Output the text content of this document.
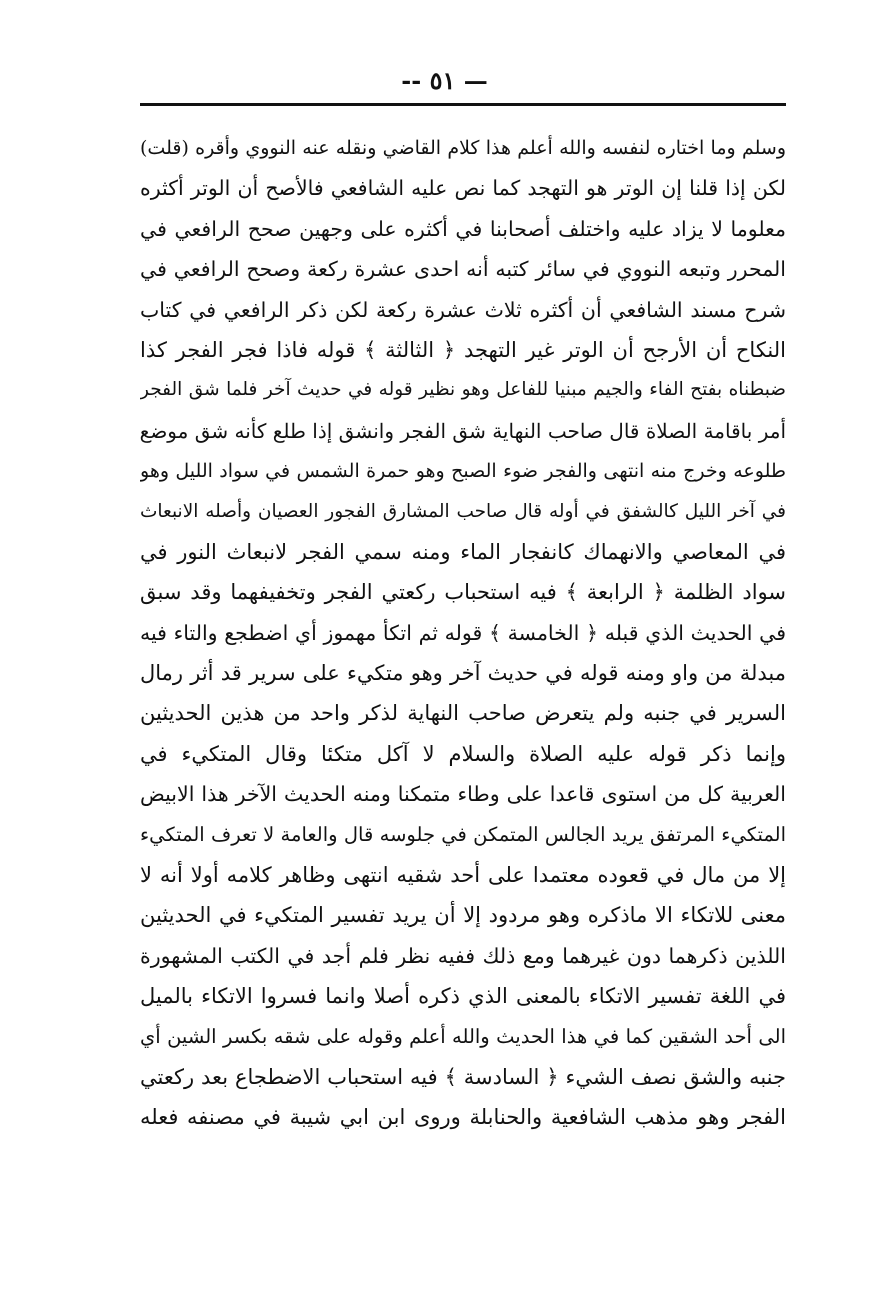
— ٥١ --
وسلم وما اختاره لنفسه والله أعلم هذا كلام القاضي ونقله عنه النووي وأقره (قلت)
لكن إذا قلنا إن الوتر هو التهجد كما نص عليه الشافعي فالأصح أن الوتر أكثره
معلوما لا يزاد عليه واختلف أصحابنا في أكثره على وجهين صحح الرافعي في
المحرر وتبعه النووي في سائر كتبه أنه احدى عشرة ركعة وصحح الرافعي في
شرح مسند الشافعي أن أكثره ثلاث عشرة ركعة لكن ذكر الرافعي في كتاب
النكاح أن الأرجح أن الوتر غير التهجد ﴿ الثالثة ﴾ قوله فاذا فجر الفجر كذا
ضبطناه بفتح الفاء والجيم مبنيا للفاعل وهو نظير قوله في حديث آخر فلما شق الفجر
أمر باقامة الصلاة قال صاحب النهاية شق الفجر وانشق إذا طلع كأنه شق موضع
طلوعه وخرج منه انتهى والفجر ضوء الصبح وهو حمرة الشمس في سواد الليل وهو
في آخر الليل كالشفق في أوله قال صاحب المشارق الفجور العصيان وأصله الانبعاث
في المعاصي والانهماك كانفجار الماء ومنه سمي الفجر لانبعاث النور في
سواد الظلمة ﴿ الرابعة ﴾ فيه استحباب ركعتي الفجر وتخفيفهما وقد سبق
في الحديث الذي قبله ﴿ الخامسة ﴾ قوله ثم اتكأ مهموز أي اضطجع والتاء فيه
مبدلة من واو ومنه قوله في حديث آخر وهو متكيء على سرير قد أثر رمال
السرير في جنبه ولم يتعرض صاحب النهاية لذكر واحد من هذين الحديثين
وإنما ذكر قوله عليه الصلاة والسلام لا آكل متكئا وقال المتكيء في
العربية كل من استوى قاعدا على وطاء متمكنا ومنه الحديث الآخر هذا الابيض
المتكيء المرتفق يريد الجالس المتمكن في جلوسه قال والعامة لا تعرف المتكيء
إلا من مال في قعوده معتمدا على أحد شقيه انتهى وظاهر كلامه أولا أنه لا
معنى للاتكاء الا ماذكره وهو مردود إلا أن يريد تفسير المتكيء في الحديثين
اللذين ذكرهما دون غيرهما ومع ذلك ففيه نظر فلم أجد في الكتب المشهورة
في اللغة تفسير الاتكاء بالمعنى الذي ذكره أصلا وانما فسروا الاتكاء بالميل
الى أحد الشقين كما في هذا الحديث والله أعلم وقوله على شقه بكسر الشين أي
جنبه والشق نصف الشيء ﴿ السادسة ﴾ فيه استحباب الاضطجاع بعد ركعتي
الفجر وهو مذهب الشافعية والحنابلة وروى ابن ابي شيبة في مصنفه فعله
